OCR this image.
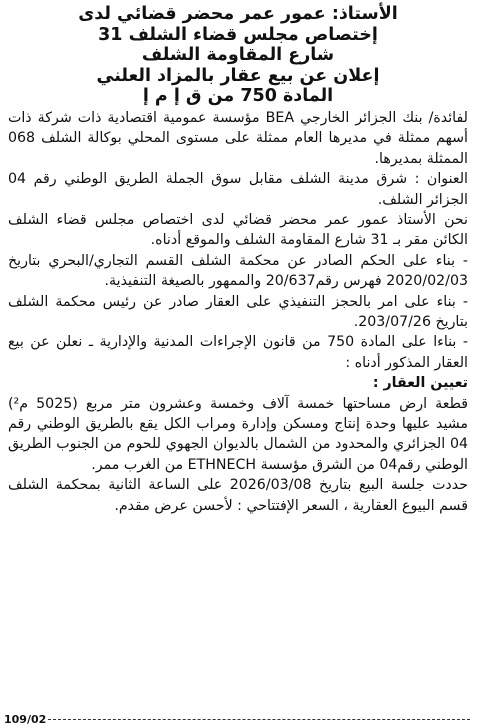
الأستاذ: عمور عمر محضر قضائي لدى
إختصاص مجلس قضاء الشلف 31
شارع المقاومة الشلف
إعلان عن بيع عقار بالمزاد العلني
المادة 750 من ق إ م إ

لفائدة/ بنك الجزائر الخارجي BEA مؤسسة عمومية اقتصادية ذات شركة ذات أسهم ممثلة في مديرها العام ممثلة على مستوى المحلي بوكالة الشلف 068 الممثلة بمديرها.

العنوان : شرق مدينة الشلف مقابل سوق الجملة الطريق الوطني رقم 04 الجزائر الشلف.

نحن الأستاذ عمور عمر محضر قضائي لدى اختصاص مجلس قضاء الشلف الكائن مقر بـ 31 شارع المقاومة الشلف والموقع أدناه.

- بناء على الحكم الصادر عن محكمة الشلف القسم التجاري/البحري بتاريخ 2020/02/03 فهرس رقم20/637 والممهور بالصيغة التنفيذية.

- بناء على امر بالحجز التنفيذي على العقار صادر عن رئيس محكمة الشلف بتاريخ 203/07/26.

- بناءا على المادة 750 من قانون الإجراءات المدنية والإدارية ـ نعلن عن بيع العقار المذكور أدناه :

تعيين العقار :

قطعة ارض مساحتها خمسة آلاف وخمسة وعشرون متر مربع (5025 م²) مشيد عليها وحدة إنتاج ومسكن وإدارة ومراب الكل يقع بالطريق الوطني رقم 04 الجزائري والمحدود من الشمال بالديوان الجهوي للحوم من الجنوب الطريق الوطني رقم04 من الشرق مؤسسة ETHNECH من الغرب ممر.

حددت جلسة البيع بتاريخ 2026/03/08 على الساعة الثانية بمحكمة الشلف قسم البيوع العقارية ، السعر الإفتتاحي : لأحسن عرض مقدم.

109/02
